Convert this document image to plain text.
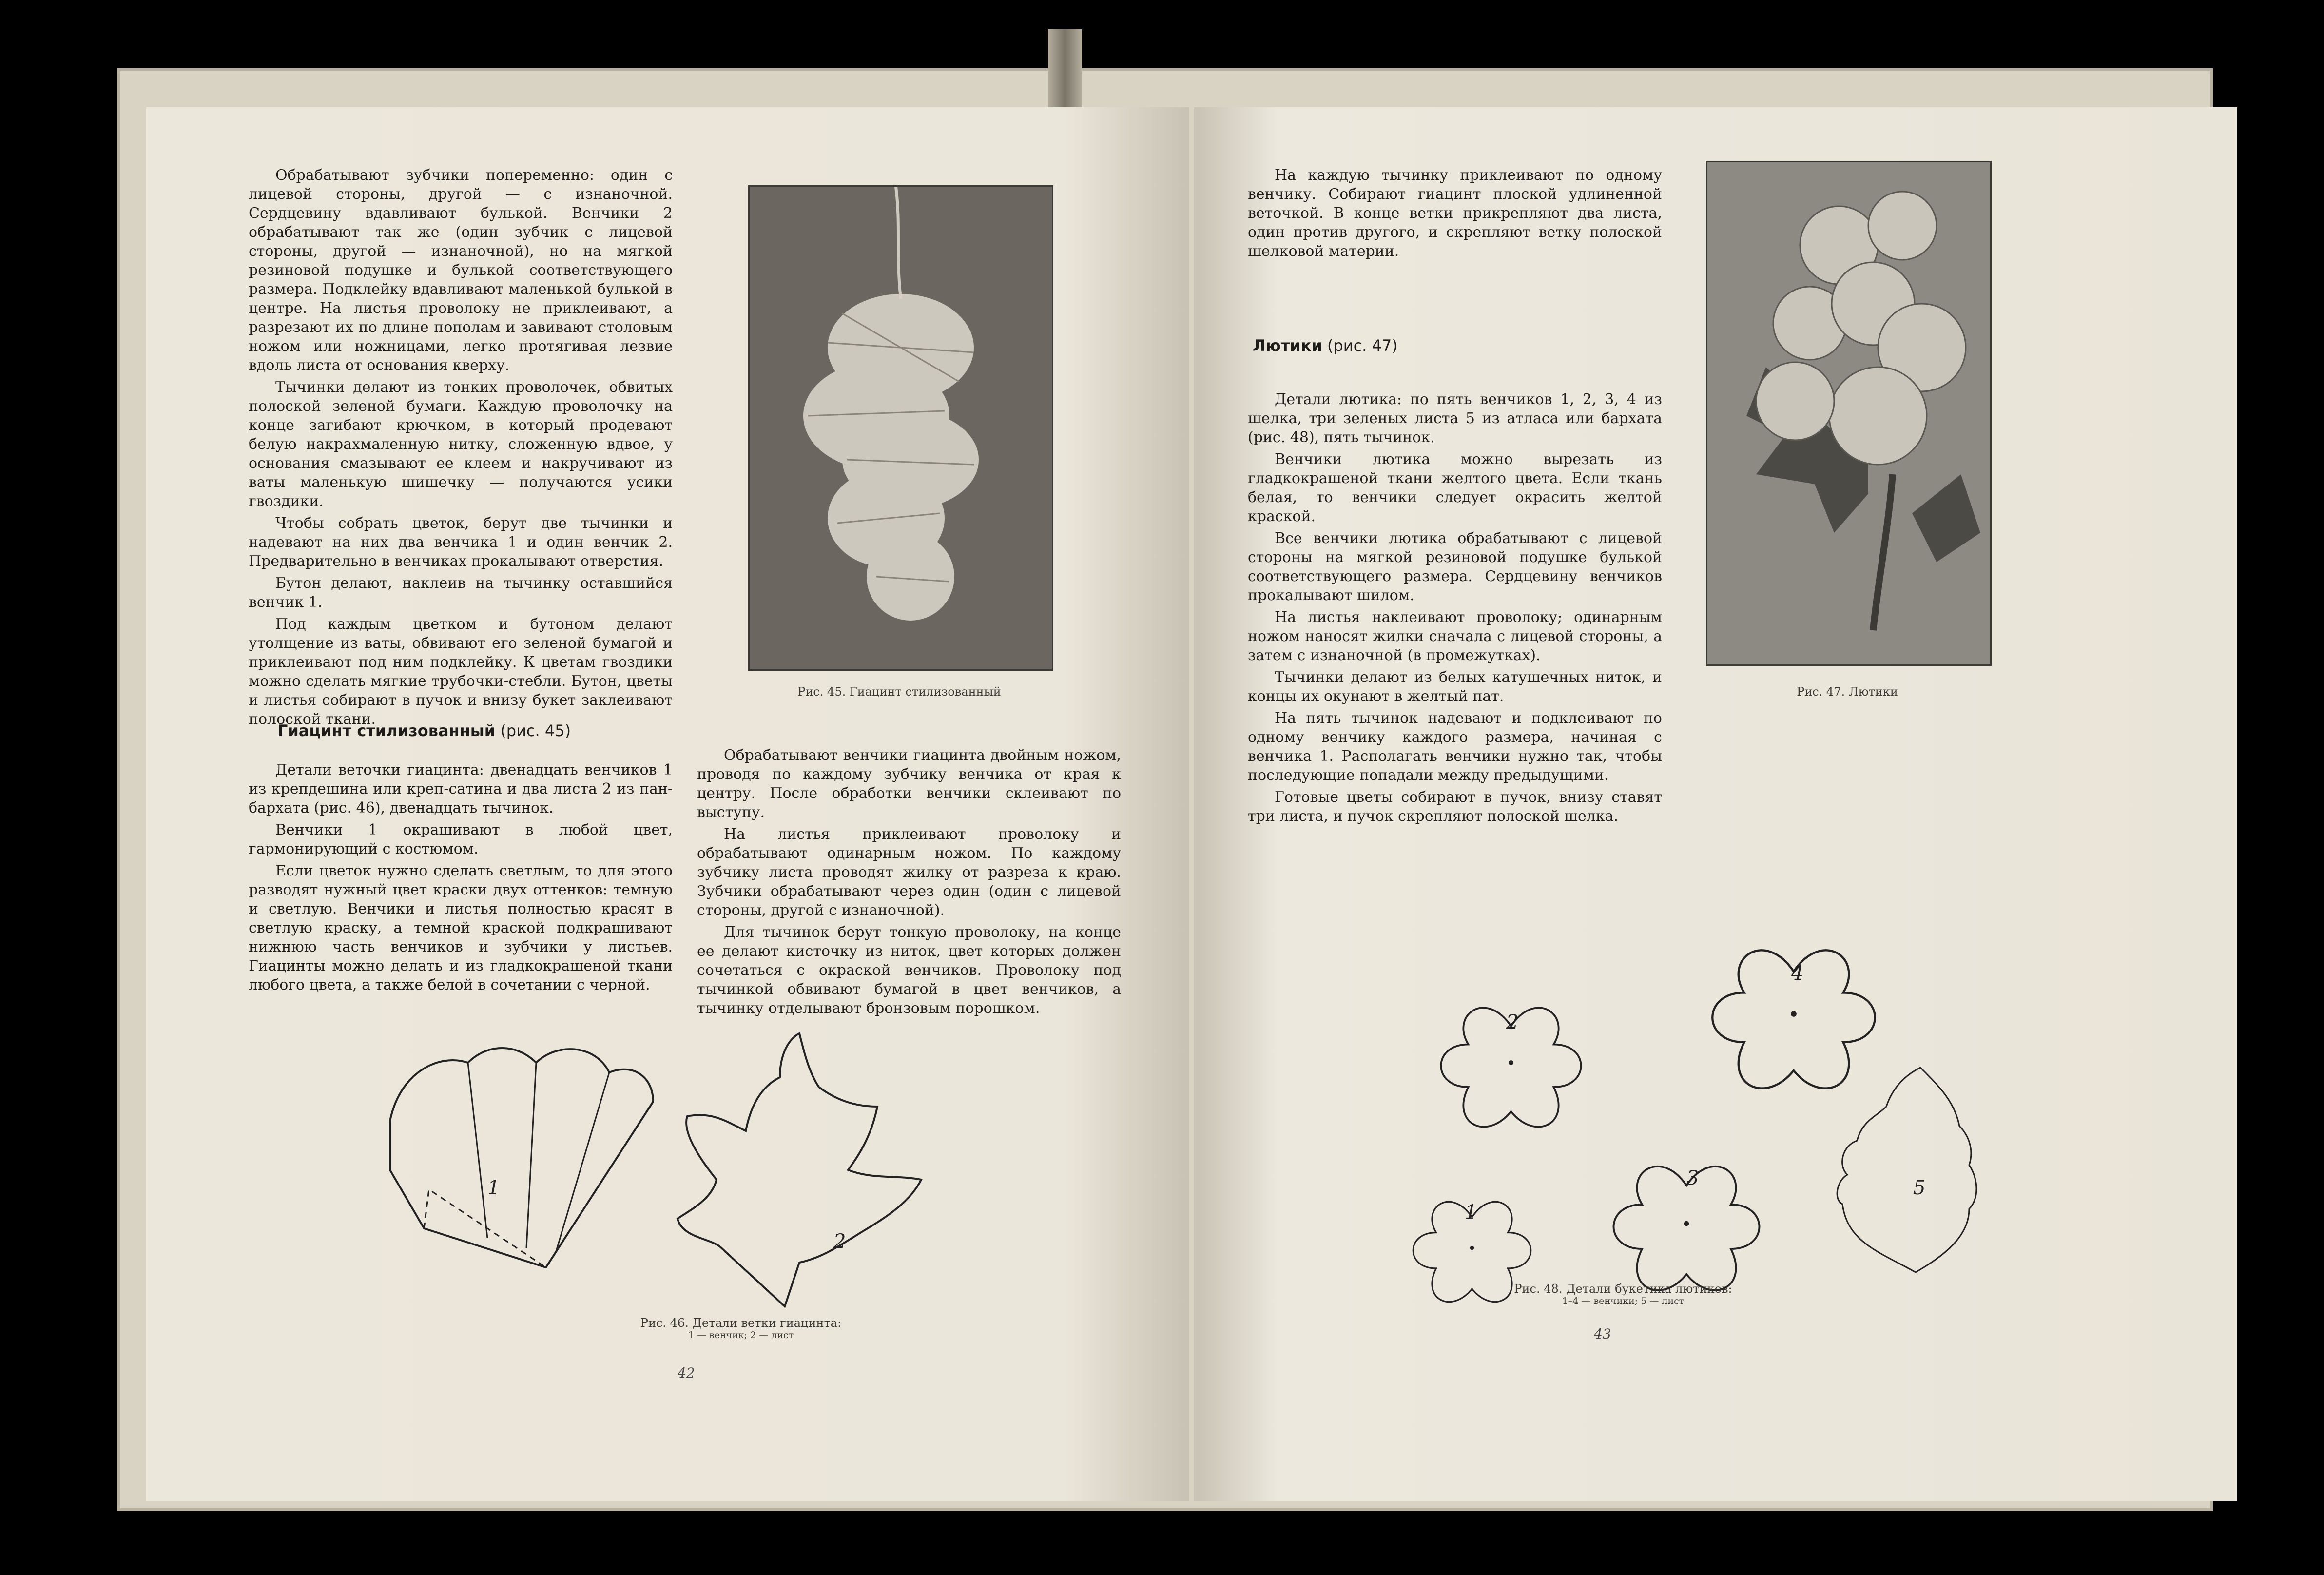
Обрабатывают зубчики попеременно: один с лицевой стороны, другой — с изнаночной. Сердцевину вдавливают булькой. Венчики 2 обрабатывают так же (один зубчик с лицевой стороны, другой — изнаночной), но на мягкой резиновой подушке и булькой соответствующего размера. Подклейку вдавливают маленькой булькой в центре. На листья проволоку не приклеивают, а разрезают их по длине пополам и завивают столовым ножом или ножницами, легко протягивая лезвие вдоль листа от основания кверху.

Тычинки делают из тонких проволочек, обвитых полоской зеленой бумаги. Каждую проволочку на конце загибают крючком, в который продевают белую накрахмаленную нитку, сложенную вдвое, у основания смазывают ее клеем и накручивают из ваты маленькую шишечку — получаются усики гвоздики.

Чтобы собрать цветок, берут две тычинки и надевают на них два венчика 1 и один венчик 2. Предварительно в венчиках прокалывают отверстия.

Бутон делают, наклеив на тычинку оставшийся венчик 1.

Под каждым цветком и бутоном делают утолщение из ваты, обвивают его зеленой бумагой и приклеивают под ним подклейку. К цветам гвоздики можно сделать мягкие трубочки-стебли. Бутон, цветы и листья собирают в пучок и внизу букет заклеивают полоской ткани.

Рис. 45. Гиацинт стилизованный
Гиацинт стилизованный (рис. 45)

Детали веточки гиацинта: двенадцать венчиков 1 из крепдешина или креп-сатина и два листа 2 из пан-бархата (рис. 46), двенадцать тычинок.

Венчики 1 окрашивают в любой цвет, гармонирующий с костюмом.

Если цветок нужно сделать светлым, то для этого разводят нужный цвет краски двух оттенков: темную и светлую. Венчики и листья полностью красят в светлую краску, а темной краской подкрашивают нижнюю часть венчиков и зубчики у листьев. Гиацинты можно делать и из гладкокрашеной ткани любого цвета, а также белой в сочетании с черной.

Обрабатывают венчики гиацинта двойным ножом, проводя по каждому зубчику венчика от края к центру. После обработки венчики склеивают по выступу.

На листья приклеивают проволоку и обрабатывают одинарным ножом. По каждому зубчику листа проводят жилку от разреза к краю. Зубчики обрабатывают через один (один с лицевой стороны, другой с изнаночной).

Для тычинок берут тонкую проволоку, на конце ее делают кисточку из ниток, цвет которых должен сочетаться с окраской венчиков. Проволоку под тычинкой обвивают бумагой в цвет венчиков, а тычинку отделывают бронзовым порошком.

1
2
Рис. 46. Детали ветки гиацинта:
1 — венчик; 2 — лист
42

На каждую тычинку приклеивают по одному венчику. Собирают гиацинт плоской удлиненной веточкой. В конце ветки прикрепляют два листа, один против другого, и скрепляют ветку полоской шелковой материи.

Лютики (рис. 47)

Детали лютика: по пять венчиков 1, 2, 3, 4 из шелка, три зеленых листа 5 из атласа или бархата (рис. 48), пять тычинок.

Венчики лютика можно вырезать из гладкокрашеной ткани желтого цвета. Если ткань белая, то венчики следует окрасить желтой краской.

Все венчики лютика обрабатывают с лицевой стороны на мягкой резиновой подушке булькой соответствующего размера. Сердцевину венчиков прокалывают шилом.

На листья наклеивают проволоку; одинарным ножом наносят жилки сначала с лицевой стороны, а затем с изнаночной (в промежутках).

Тычинки делают из белых катушечных ниток, и концы их окунают в желтый пат.

На пять тычинок надевают и подклеивают по одному венчику каждого размера, начиная с венчика 1. Располагать венчики нужно так, чтобы последующие попадали между предыдущими.

Готовые цветы собирают в пучок, внизу ставят три листа, и пучок скрепляют полоской шелка.

Рис. 47. Лютики
1
2
3
4
5
Рис. 48. Детали букетика лютиков:
1–4 — венчики; 5 — лист
43
